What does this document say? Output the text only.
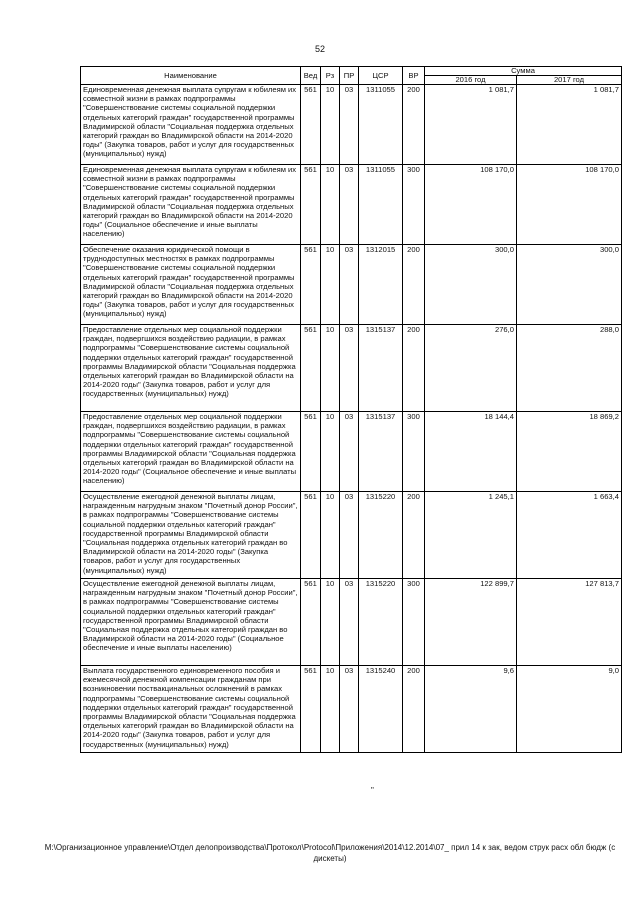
52
Наименование	Вед	Рз	ПР	ЦСР	ВР	Сумма	
						2016 год	2017 год
Единовременная денежная выплата супругам к юбилеям их совместной жизни в рамках подпрограммы "Совершенствование системы социальной поддержки отдельных категорий граждан" государственной программы Владимирской области "Социальная поддержка отдельных категорий граждан во Владимирской области на 2014-2020 годы" (Закупка товаров, работ и услуг для государственных (муниципальных) нужд)	561	10	03	1311055	200	1 081,7	1 081,7
Единовременная денежная выплата супругам к юбилеям их совместной жизни в рамках подпрограммы "Совершенствование системы социальной поддержки отдельных категорий граждан" государственной программы Владимирской области "Социальная поддержка отдельных категорий граждан во Владимирской области на 2014-2020 годы" (Социальное обеспечение и иные выплаты населению)	561	10	03	1311055	300	108 170,0	108 170,0
Обеспечение оказания юридической помощи в труднодоступных местностях в рамках подпрограммы "Совершенствование системы социальной поддержки отдельных категорий граждан" государственной программы Владимирской области "Социальная поддержка отдельных категорий граждан во Владимирской области на 2014-2020 годы" (Закупка товаров, работ и услуг для государственных (муниципальных) нужд)	561	10	03	1312015	200	300,0	300,0
Предоставление отдельных мер социальной поддержки граждан, подвергшихся воздействию радиации, в рамках подпрограммы "Совершенствование системы социальной поддержки отдельных категорий граждан" государственной программы Владимирской области "Социальная поддержка отдельных категорий граждан во Владимирской области на 2014-2020 годы" (Закупка товаров, работ и услуг для государственных (муниципальных) нужд)	561	10	03	1315137	200	276,0	288,0
Предоставление отдельных мер социальной поддержки граждан, подвергшихся воздействию радиации, в рамках подпрограммы "Совершенствование системы социальной поддержки отдельных категорий граждан" государственной программы Владимирской области "Социальная поддержка отдельных категорий граждан во Владимирской области на 2014-2020 годы" (Социальное обеспечение и иные выплаты населению)	561	10	03	1315137	300	18 144,4	18 869,2
Осуществление ежегодной денежной выплаты лицам, награжденным нагрудным знаком "Почетный донор России", в рамках подпрограммы "Совершенствование системы социальной поддержки отдельных категорий граждан" государственной программы Владимирской области "Социальная поддержка отдельных категорий граждан во Владимирской области на 2014-2020 годы" (Закупка товаров, работ и услуг для государственных (муниципальных) нужд)	561	10	03	1315220	200	1 245,1	1 663,4
Осуществление ежегодной денежной выплаты лицам, награжденным нагрудным знаком "Почетный донор России", в рамках подпрограммы "Совершенствование системы социальной поддержки отдельных категорий граждан" государственной программы Владимирской области "Социальная поддержка отдельных категорий граждан во Владимирской области на 2014-2020 годы" (Социальное обеспечение и иные выплаты населению)	561	10	03	1315220	300	122 899,7	127 813,7
Выплата государственного единовременного пособия и ежемесячной денежной компенсации гражданам при возникновении поствакцинальных осложнений в рамках подпрограммы "Совершенствование системы социальной поддержки отдельных категорий граждан" государственной программы Владимирской области "Социальная поддержка отдельных категорий граждан во Владимирской области на 2014-2020 годы" (Закупка товаров, работ и услуг для государственных (муниципальных) нужд)	561	10	03	1315240	200	9,6	9,0
"
М:\Организационное управление\Отдел делопроизводства\Протокол\Protocol\Приложения\2014\12.2014\07_ прил 14 к зак, ведом струк расх обл бюдж (с дискеты)
